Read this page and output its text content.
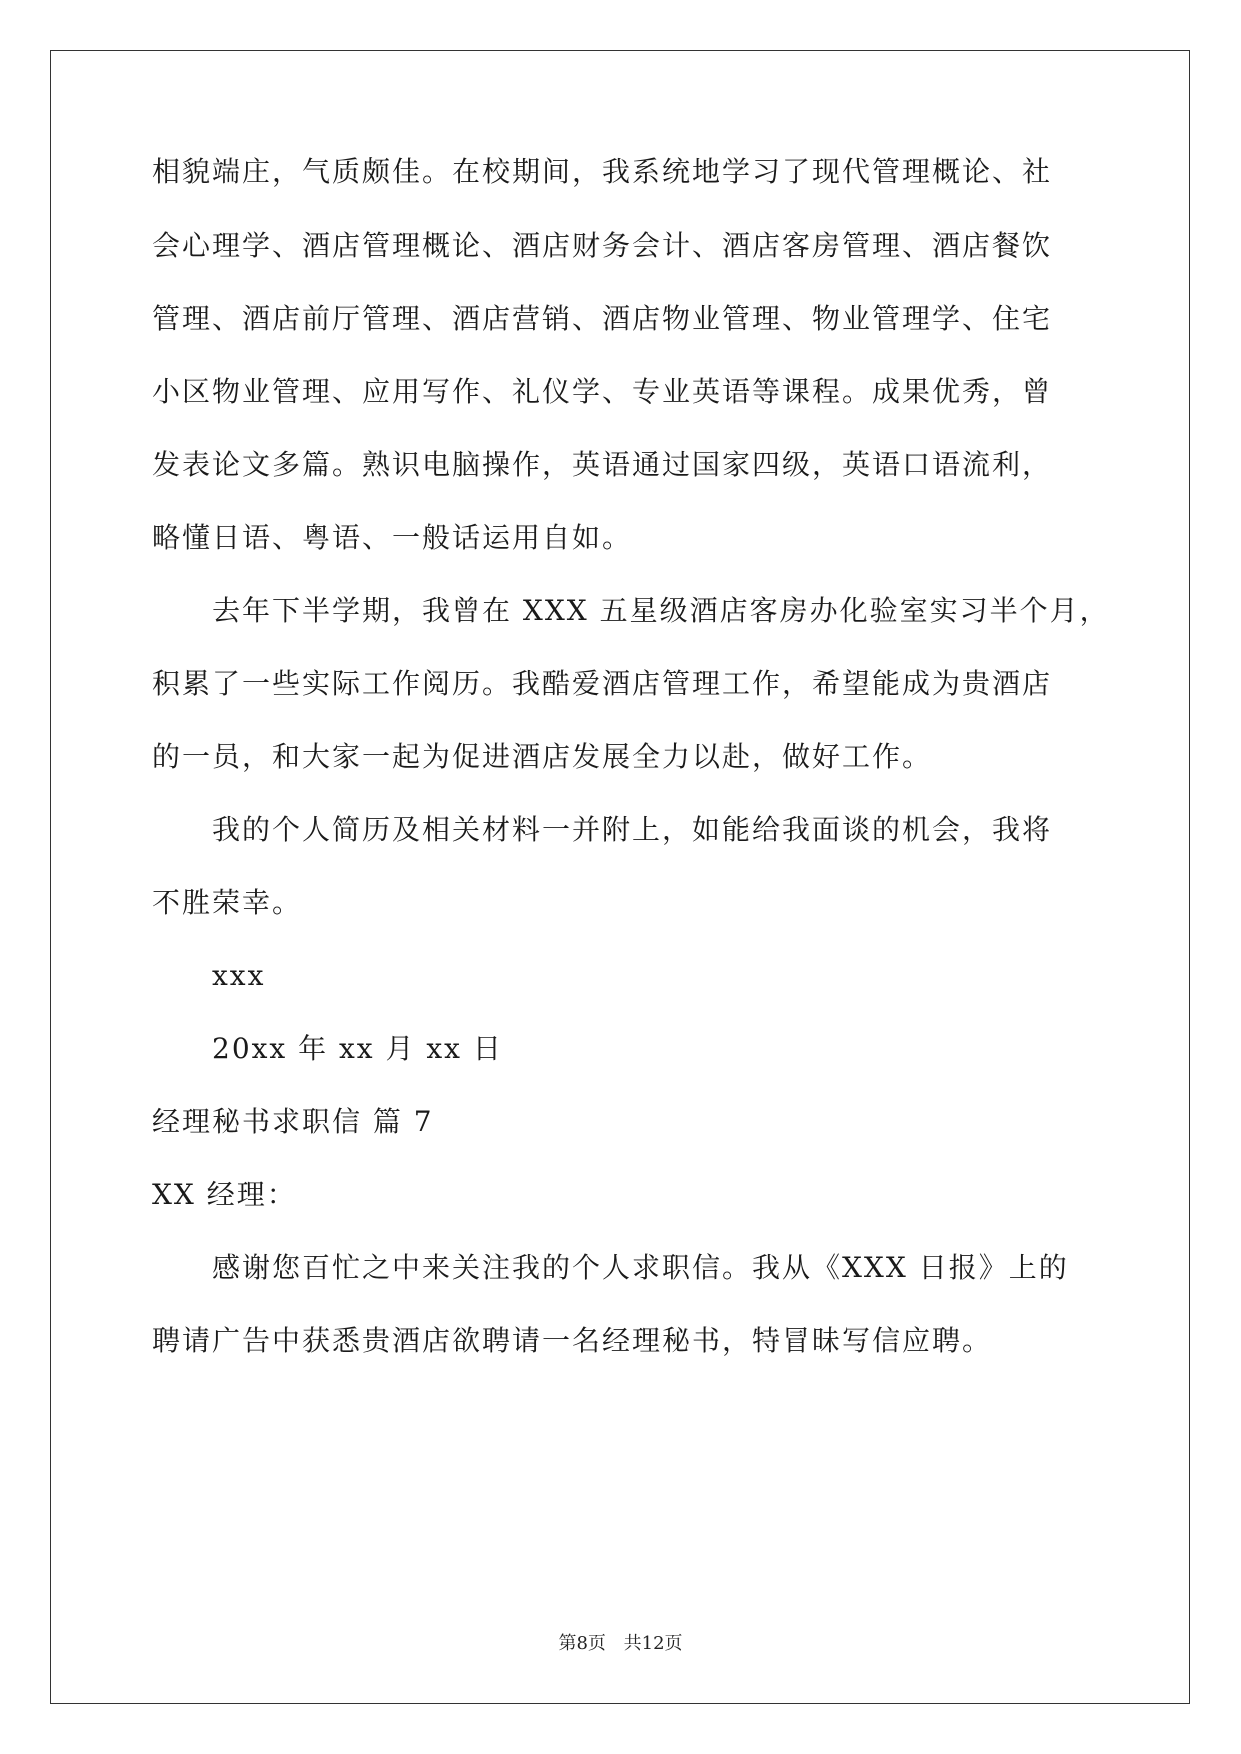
相貌端庄，气质颇佳。在校期间，我系统地学习了现代管理概论、社
会心理学、酒店管理概论、酒店财务会计、酒店客房管理、酒店餐饮
管理、酒店前厅管理、酒店营销、酒店物业管理、物业管理学、住宅
小区物业管理、应用写作、礼仪学、专业英语等课程。成果优秀，曾
发表论文多篇。熟识电脑操作，英语通过国家四级，英语口语流利，
略懂日语、粤语、一般话运用自如。
去年下半学期，我曾在 XXX 五星级酒店客房办化验室实习半个月，
积累了一些实际工作阅历。我酷爱酒店管理工作，希望能成为贵酒店
的一员，和大家一起为促进酒店发展全力以赴，做好工作。
我的个人简历及相关材料一并附上，如能给我面谈的机会，我将
不胜荣幸。
xxx
20xx 年 xx 月 xx 日
经理秘书求职信 篇 7
XX 经理：
感谢您百忙之中来关注我的个人求职信。我从《XXX 日报》上的
聘请广告中获悉贵酒店欲聘请一名经理秘书，特冒昧写信应聘。
第8页 共12页
